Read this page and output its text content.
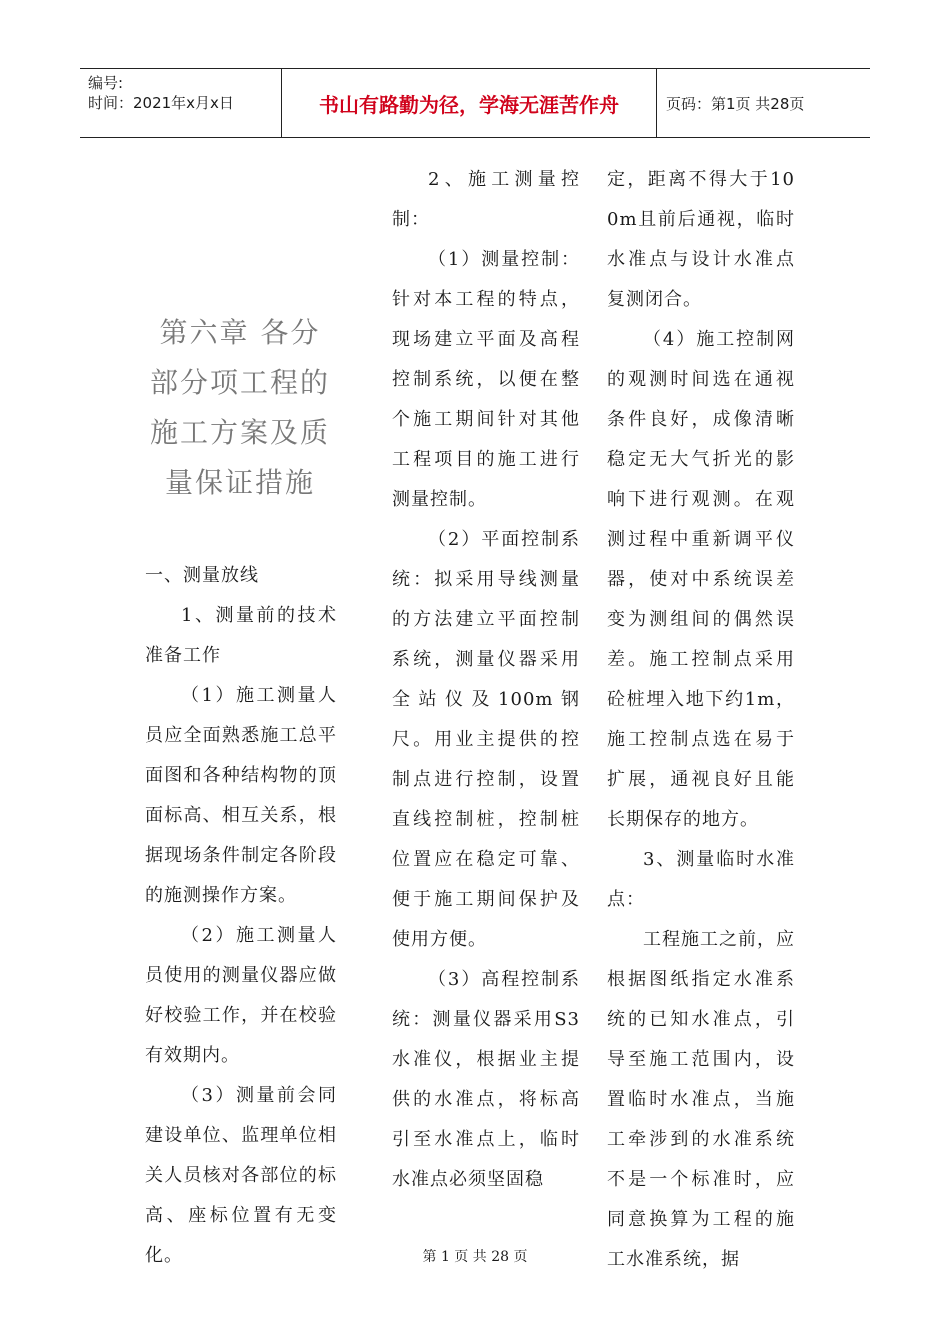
编号:
时间：2021年x月x日	书山有路勤为径，学海无涯苦作舟	页码：第1页 共28页
第六章 各分部分项工程的施工方案及质量保证措施

一、测量放线

1、测量前的技术准备工作

（1）施工测量人员应全面熟悉施工总平面图和各种结构物的顶面标高、相互关系，根据现场条件制定各阶段的施测操作方案。

（2）施工测量人员使用的测量仪器应做好校验工作，并在校验有效期内。

（3）测量前会同建设单位、监理单位相关人员核对各部位的标高、座标位置有无变化。

2、施工测量控制：

（1）测量控制：针对本工程的特点，现场建立平面及高程控制系统，以便在整个施工期间针对其他工程项目的施工进行测量控制。

（2）平面控制系统：拟采用导线测量的方法建立平面控制系统，测量仪器采用全站仪及100m钢尺。用业主提供的控制点进行控制，设置直线控制桩，控制桩位置应在稳定可靠、便于施工期间保护及使用方便。

（3）高程控制系统：测量仪器采用S3水准仪，根据业主提供的水准点，将标高引至水准点上，临时水准点必须坚固稳

定，距离不得大于100m且前后通视，临时水准点与设计水准点复测闭合。

（4）施工控制网的观测时间选在通视条件良好，成像清晰稳定无大气折光的影响下进行观测。在观测过程中重新调平仪器，使对中系统误差变为测组间的偶然误差。施工控制点采用砼桩埋入地下约1m，施工控制点选在易于扩展，通视良好且能长期保存的地方。

3、测量临时水准点：

工程施工之前，应根据图纸指定水准系统的已知水准点，引导至施工范围内，设置临时水准点，当施工牵涉到的水准系统不是一个标准时，应同意换算为工程的施工水准系统，据

第 1 页 共 28 页
